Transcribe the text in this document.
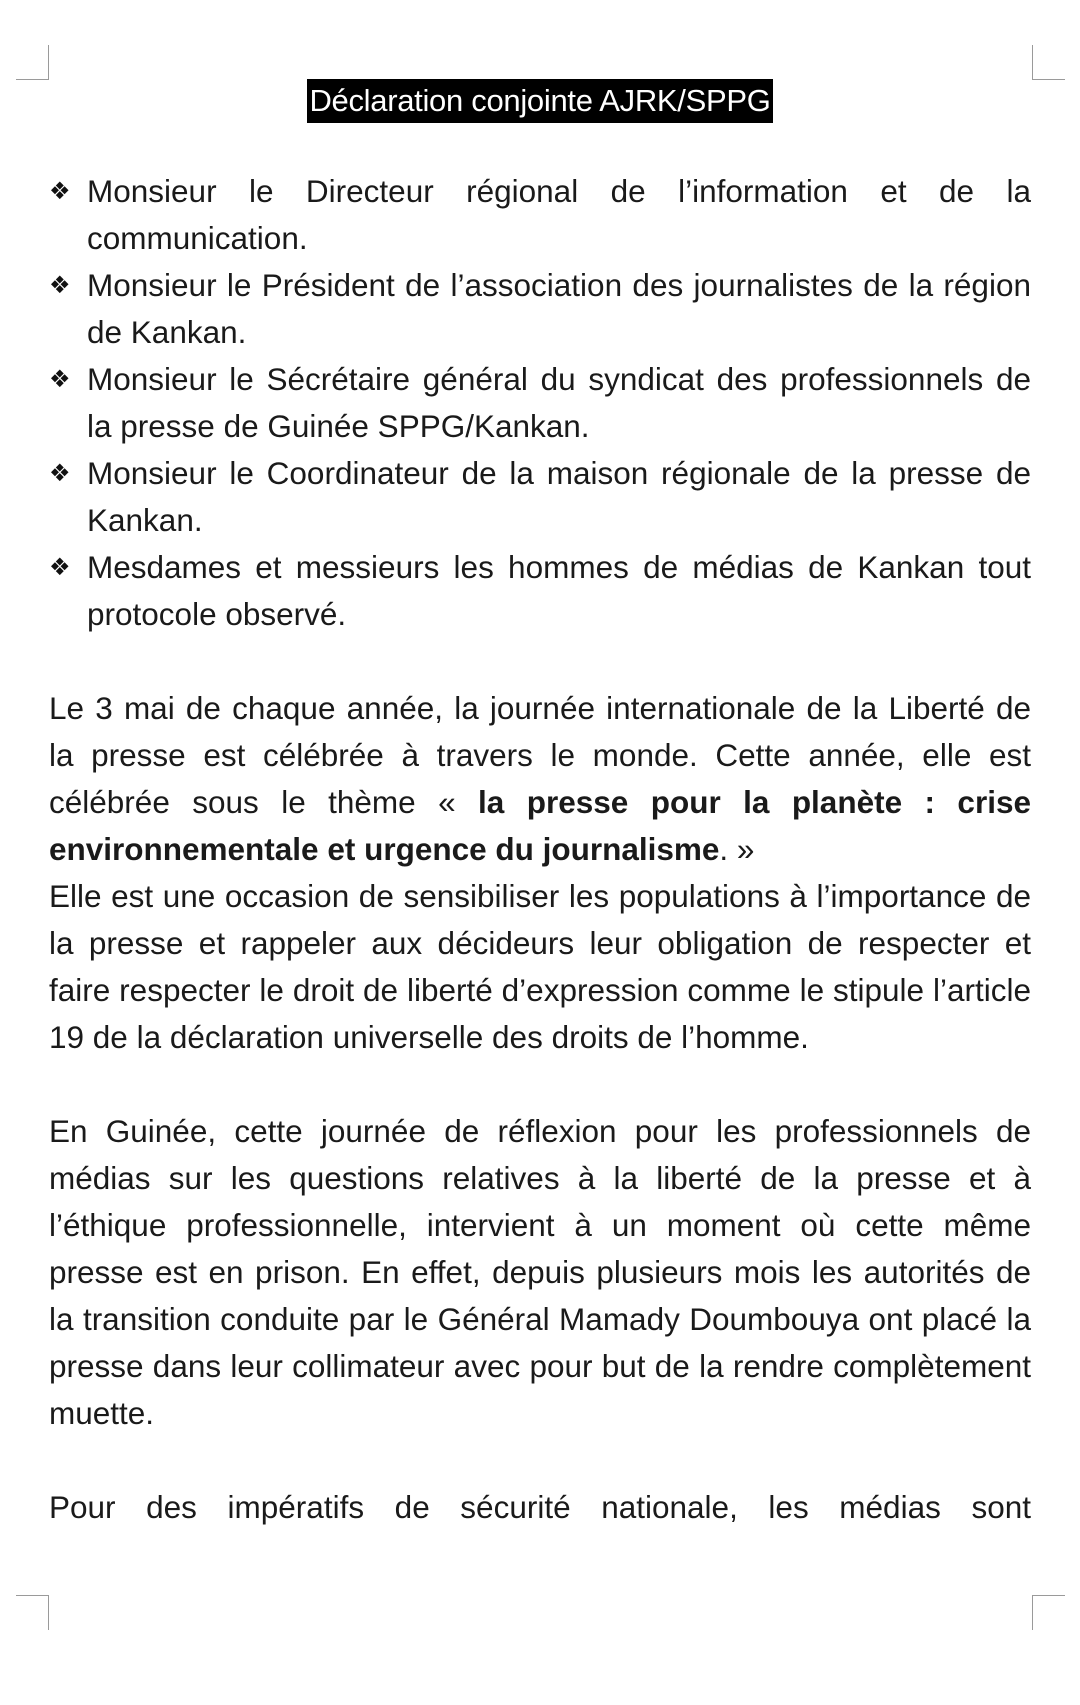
Déclaration conjointe AJRK/SPPG
❖ Monsieur le Directeur régional de l’information et de la communication.
❖ Monsieur le Président de l’association des journalistes de la région de Kankan.
❖ Monsieur le Sécrétaire général du syndicat des professionnels de la presse de Guinée SPPG/Kankan.
❖ Monsieur le Coordinateur de la maison régionale de la presse de Kankan.
❖ Mesdames et messieurs les hommes de médias de Kankan tout protocole observé.

Le 3 mai de chaque année, la journée internationale de la Liberté de la presse est célébrée à travers le monde. Cette année, elle est célébrée sous le thème « la presse pour la planète : crise environnementale et urgence du journalisme. »

Elle est une occasion de sensibiliser les populations à l’importance de la presse et rappeler aux décideurs leur obligation de respecter et faire respecter le droit de liberté d’expression comme le stipule l’article 19 de la déclaration universelle des droits de l’homme.

En Guinée, cette journée de réflexion pour les professionnels de médias sur les questions relatives à la liberté de la presse et à l’éthique professionnelle, intervient à un moment où cette même presse est en prison. En effet, depuis plusieurs mois les autorités de la transition conduite par le Général Mamady Doumbouya ont placé la presse dans leur collimateur avec pour but de la rendre complètement muette.

Pour des impératifs de sécurité nationale, les médias sont
